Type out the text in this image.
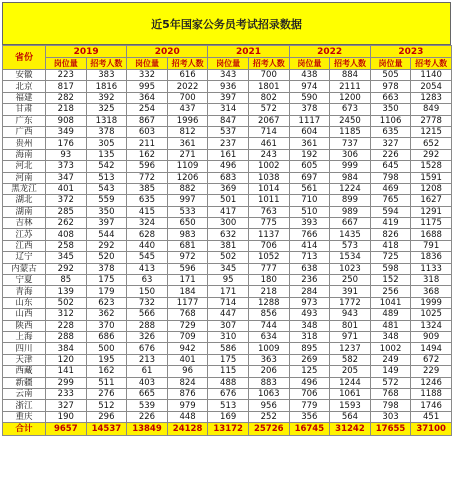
近5年国家公务员考试招录数据
省份	2019		2020		2021		2022		2023	
	岗位量	招考人数	岗位量	招考人数	岗位量	招考人数	岗位量	招考人数	岗位量	招考人数
安徽	223	383	332	616	343	700	438	884	505	1140
北京	817	1816	995	2022	936	1801	974	2111	978	2054
福建	282	392	364	700	397	802	590	1200	663	1283
甘肃	218	325	254	437	314	572	378	673	350	849
广东	908	1318	867	1996	847	2067	1117	2450	1106	2778
广西	349	378	603	812	537	714	604	1185	635	1215
贵州	176	305	211	361	237	461	361	737	327	652
海南	93	135	162	271	161	243	192	306	226	292
河北	373	542	596	1109	496	1002	605	999	645	1528
河南	347	513	772	1206	683	1038	697	984	798	1591
黑龙江	401	543	385	882	369	1014	561	1224	469	1208
湖北	372	559	635	997	501	1011	710	899	765	1627
湖南	285	350	415	533	417	763	510	989	594	1291
吉林	262	397	324	650	300	775	393	667	419	1175
江苏	408	544	628	983	632	1137	766	1435	826	1688
江西	258	292	440	681	381	706	414	573	418	791
辽宁	345	520	545	972	502	1052	713	1534	725	1836
内蒙古	292	378	413	596	345	777	638	1023	598	1133
宁夏	85	175	63	171	95	180	236	250	152	318
青海	139	179	150	184	171	218	284	391	256	368
山东	502	623	732	1177	714	1288	973	1772	1041	1999
山西	312	362	566	768	447	856	493	943	489	1025
陕西	228	370	288	729	307	744	348	801	481	1324
上海	288	686	326	709	310	634	318	971	348	909
四川	384	500	676	942	586	1009	895	1237	1002	1494
天津	120	195	213	401	175	363	269	582	249	672
西藏	141	162	61	96	115	206	125	205	149	229
新疆	299	511	403	824	488	883	496	1244	572	1246
云南	233	276	665	876	676	1063	706	1061	768	1188
浙江	327	512	539	979	513	956	779	1593	798	1746
重庆	190	296	226	448	169	252	356	564	303	451
合计	9657	14537	13849	24128	13172	25726	16745	31242	17655	37100
